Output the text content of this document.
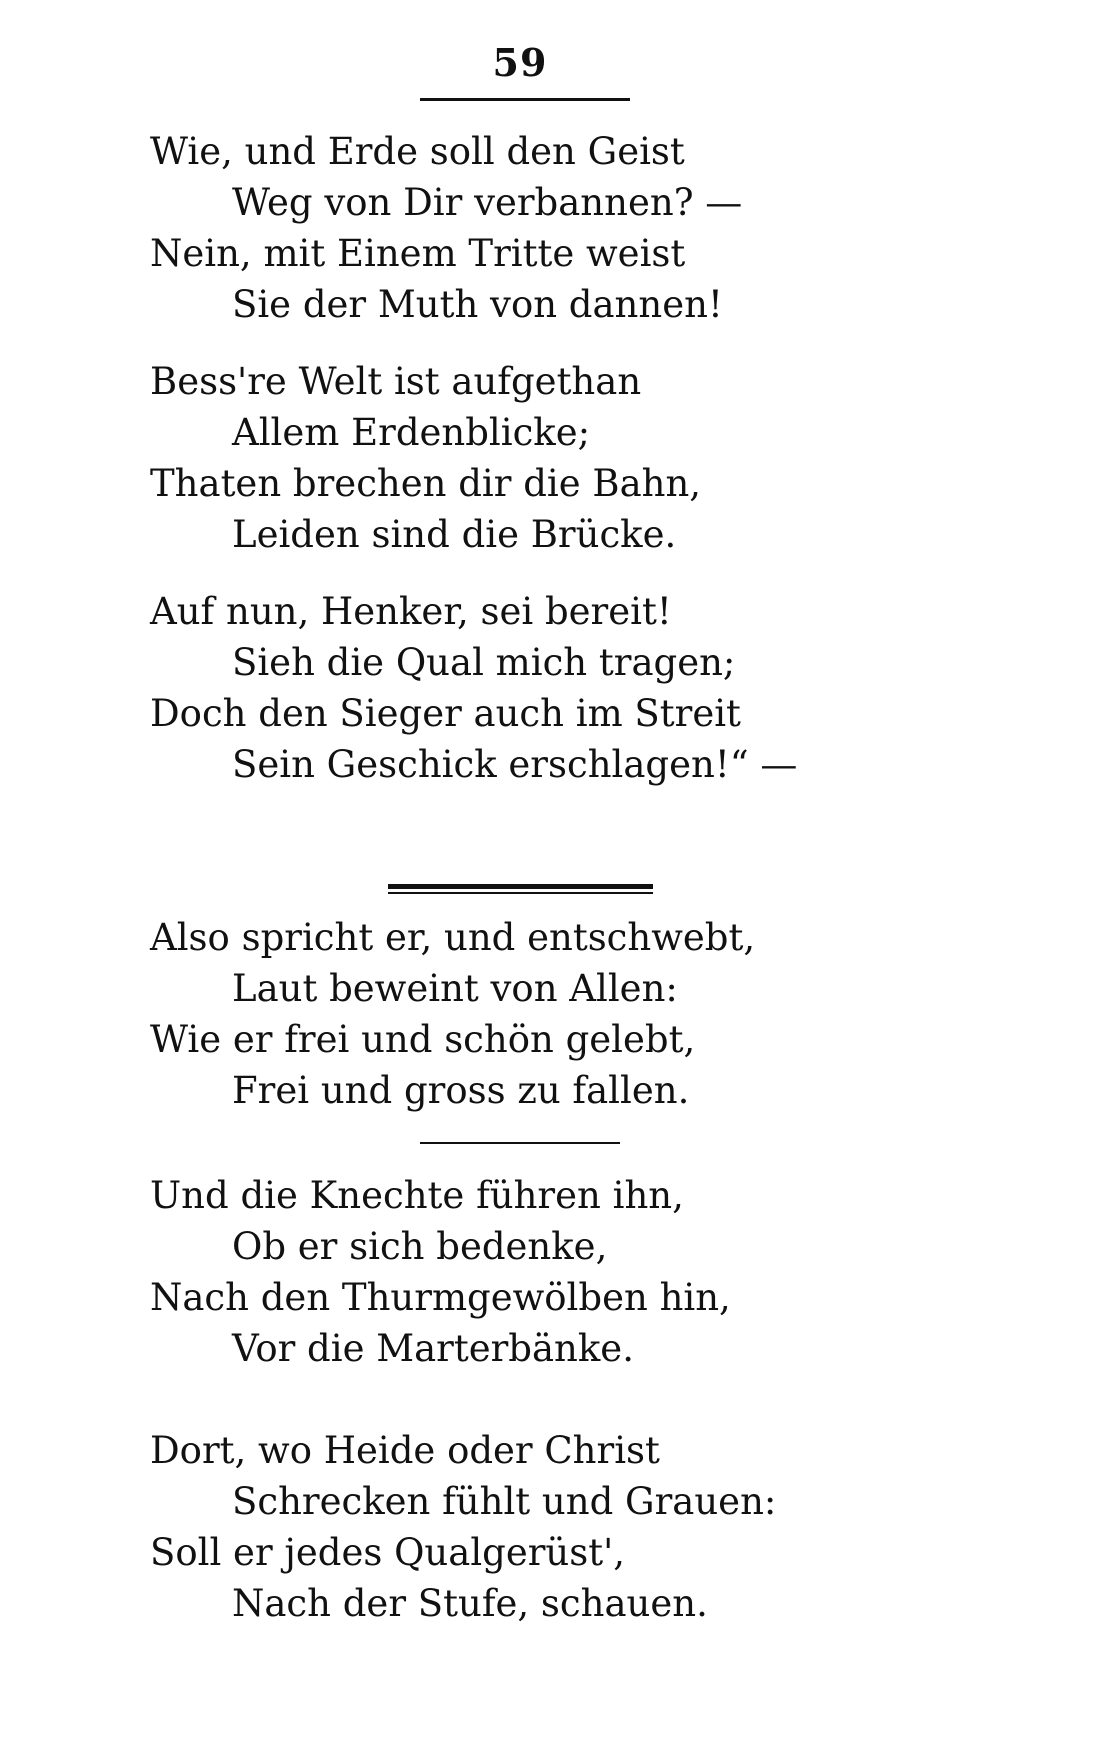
59
Wie, und Erde soll den Geist
Weg von Dir verbannen? —
Nein, mit Einem Tritte weist
Sie der Muth von dannen!
Bess're Welt ist aufgethan
Allem Erdenblicke;
Thaten brechen dir die Bahn,
Leiden sind die Brücke.
Auf nun, Henker, sei bereit!
Sieh die Qual mich tragen;
Doch den Sieger auch im Streit
Sein Geschick erschlagen!“ —
Also spricht er, und entschwebt,
Laut beweint von Allen:
Wie er frei und schön gelebt,
Frei und gross zu fallen.
Und die Knechte führen ihn,
Ob er sich bedenke,
Nach den Thurmgewölben hin,
Vor die Marterbänke.
Dort, wo Heide oder Christ
Schrecken fühlt und Grauen:
Soll er jedes Qualgerüst',
Nach der Stufe, schauen.
